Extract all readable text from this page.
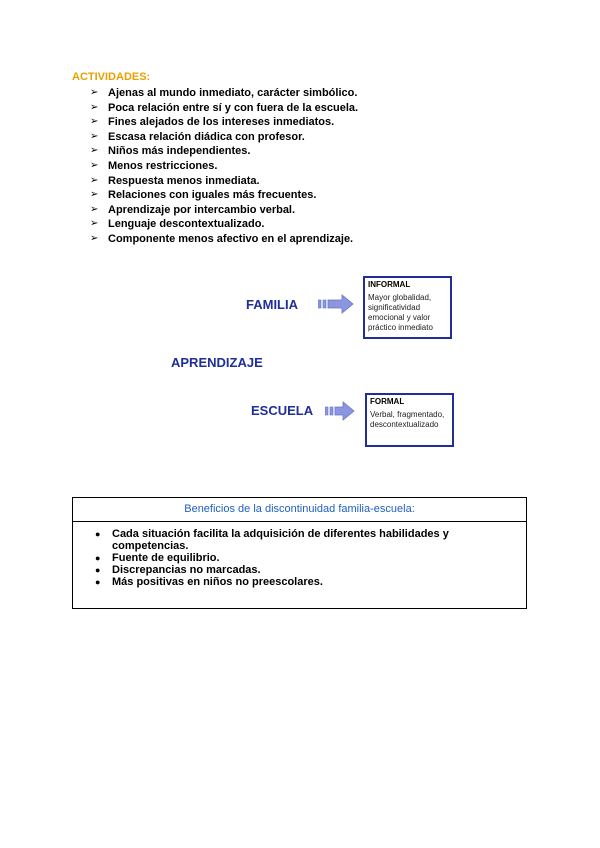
ACTIVIDADES:
➢ Ajenas al mundo inmediato, carácter simbólico.
➢ Poca relación entre sí y con fuera de la escuela.
➢ Fines alejados de los intereses inmediatos.
➢ Escasa relación diádica con profesor.
➢ Niños más independientes.
➢ Menos restricciones.
➢ Respuesta menos inmediata.
➢ Relaciones con iguales más frecuentes.
➢ Aprendizaje por intercambio verbal.
➢ Lenguaje descontextualizado.
➢ Componente menos afectivo en el aprendizaje.
FAMILIA
INFORMAL
Mayor globalidad, significatividad emocional y valor práctico inmediato
APRENDIZAJE
ESCUELA
FORMAL
Verbal, fragmentado, descontextualizado
Beneficios de la discontinuidad familia-escuela:
●	Cada situación facilita la adquisición de diferentes habilidades y competencias.
●	Fuente de equilibrio.
●	Discrepancias no marcadas.
●	Más positivas en niños no preescolares.
